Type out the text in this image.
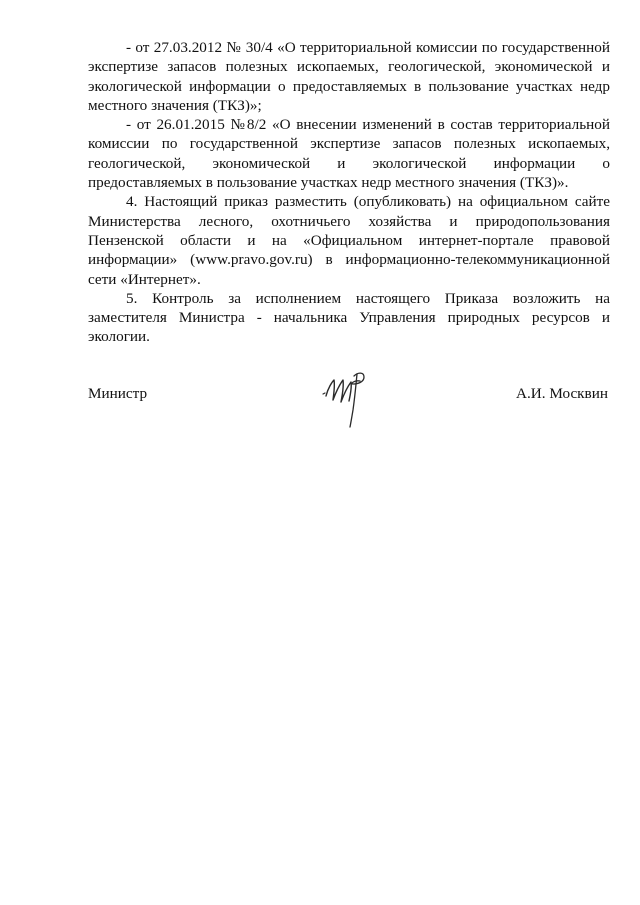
- от 27.03.2012 № 30/4 «О территориальной комиссии по государственной экспертизе запасов полезных ископаемых, геологической, экономической и экологической информации о предоставляемых в пользование участках недр местного значения (ТКЗ)»;

- от 26.01.2015 №8/2 «О внесении изменений в состав территориальной комиссии по государственной экспертизе запасов полезных ископаемых, геологической, экономической и экологической информации о предоставляемых в пользование участках недр местного значения (ТКЗ)».

4. Настоящий приказ разместить (опубликовать) на официальном сайте Министерства лесного, охотничьего хозяйства и природопользования Пензенской области и на «Официальном интернет-портале правовой информации» (www.pravo.gov.ru) в информационно-телекоммуникационной сети «Интернет».

5. Контроль за исполнением настоящего Приказа возложить на заместителя Министра - начальника Управления природных ресурсов и экологии.

Министр	А.И. Москвин
